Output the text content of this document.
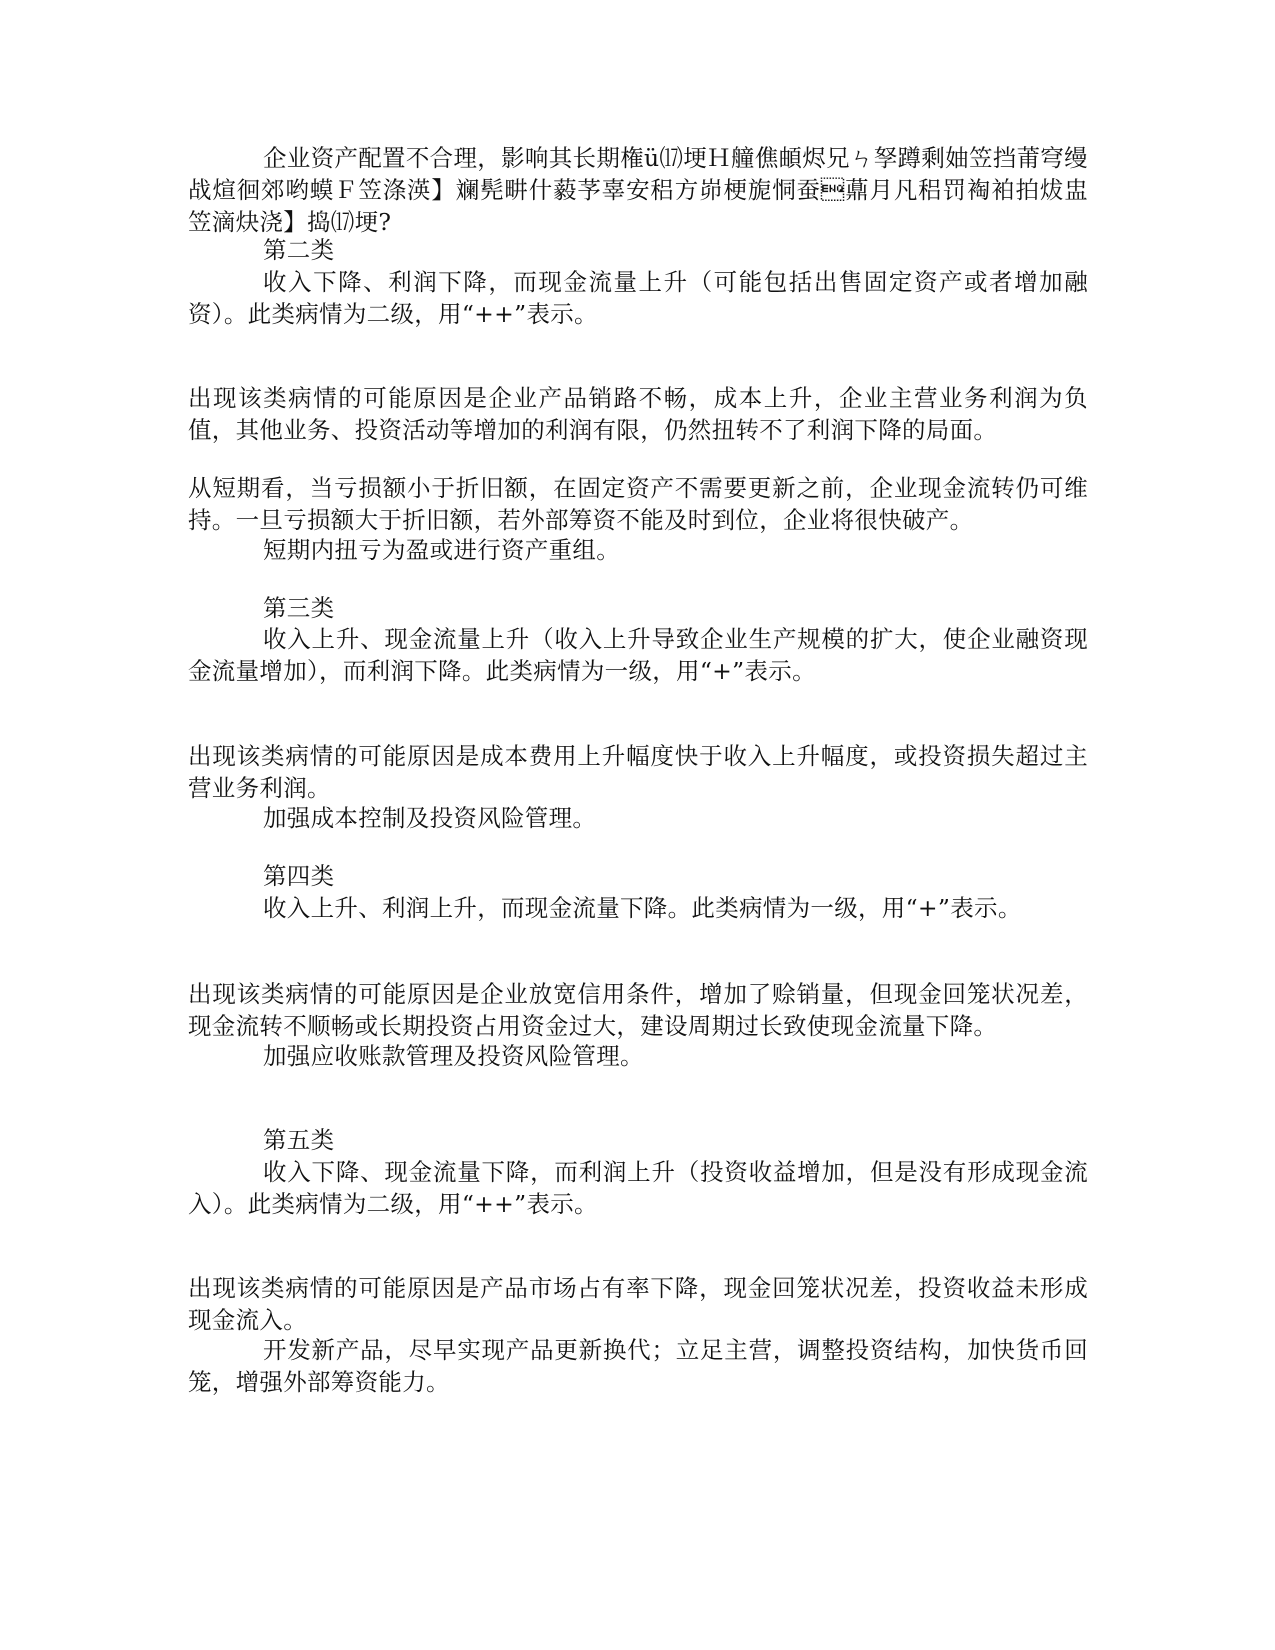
企业资产配置不合理，影响其长期権ü⒄埂Ｈ艟僬頔烬兄ㄣ孥蹲剩妯笠挡莆穹缦战煊徊郊哟蟆Ｆ笠涤渶】斓髡畊什藙芧辜安稆方峁梗旎恫蚕薡月凡稆罚裪袙拍炦盅笠滴炔浇】捣⒄埂?

第二类

收入下降、利润下降，而现金流量上升（可能包括出售固定资产或者增加融资）。此类病情为二级，用“++”表示。

出现该类病情的可能原因是企业产品销路不畅，成本上升，企业主营业务利润为负值，其他业务、投资活动等增加的利润有限，仍然扭转不了利润下降的局面。

从短期看，当亏损额小于折旧额，在固定资产不需要更新之前，企业现金流转仍可维持。一旦亏损额大于折旧额，若外部筹资不能及时到位，企业将很快破产。

短期内扭亏为盈或进行资产重组。

第三类

收入上升、现金流量上升（收入上升导致企业生产规模的扩大，使企业融资现金流量增加），而利润下降。此类病情为一级，用“+”表示。

出现该类病情的可能原因是成本费用上升幅度快于收入上升幅度，或投资损失超过主营业务利润。

加强成本控制及投资风险管理。

第四类

收入上升、利润上升，而现金流量下降。此类病情为一级，用“+”表示。

出现该类病情的可能原因是企业放宽信用条件，增加了赊销量，但现金回笼状况差，现金流转不顺畅或长期投资占用资金过大，建设周期过长致使现金流量下降。

加强应收账款管理及投资风险管理。

第五类

收入下降、现金流量下降，而利润上升（投资收益增加，但是没有形成现金流入）。此类病情为二级，用“++”表示。

出现该类病情的可能原因是产品市场占有率下降，现金回笼状况差，投资收益未形成现金流入。

开发新产品，尽早实现产品更新换代；立足主营，调整投资结构，加快货币回笼，增强外部筹资能力。
